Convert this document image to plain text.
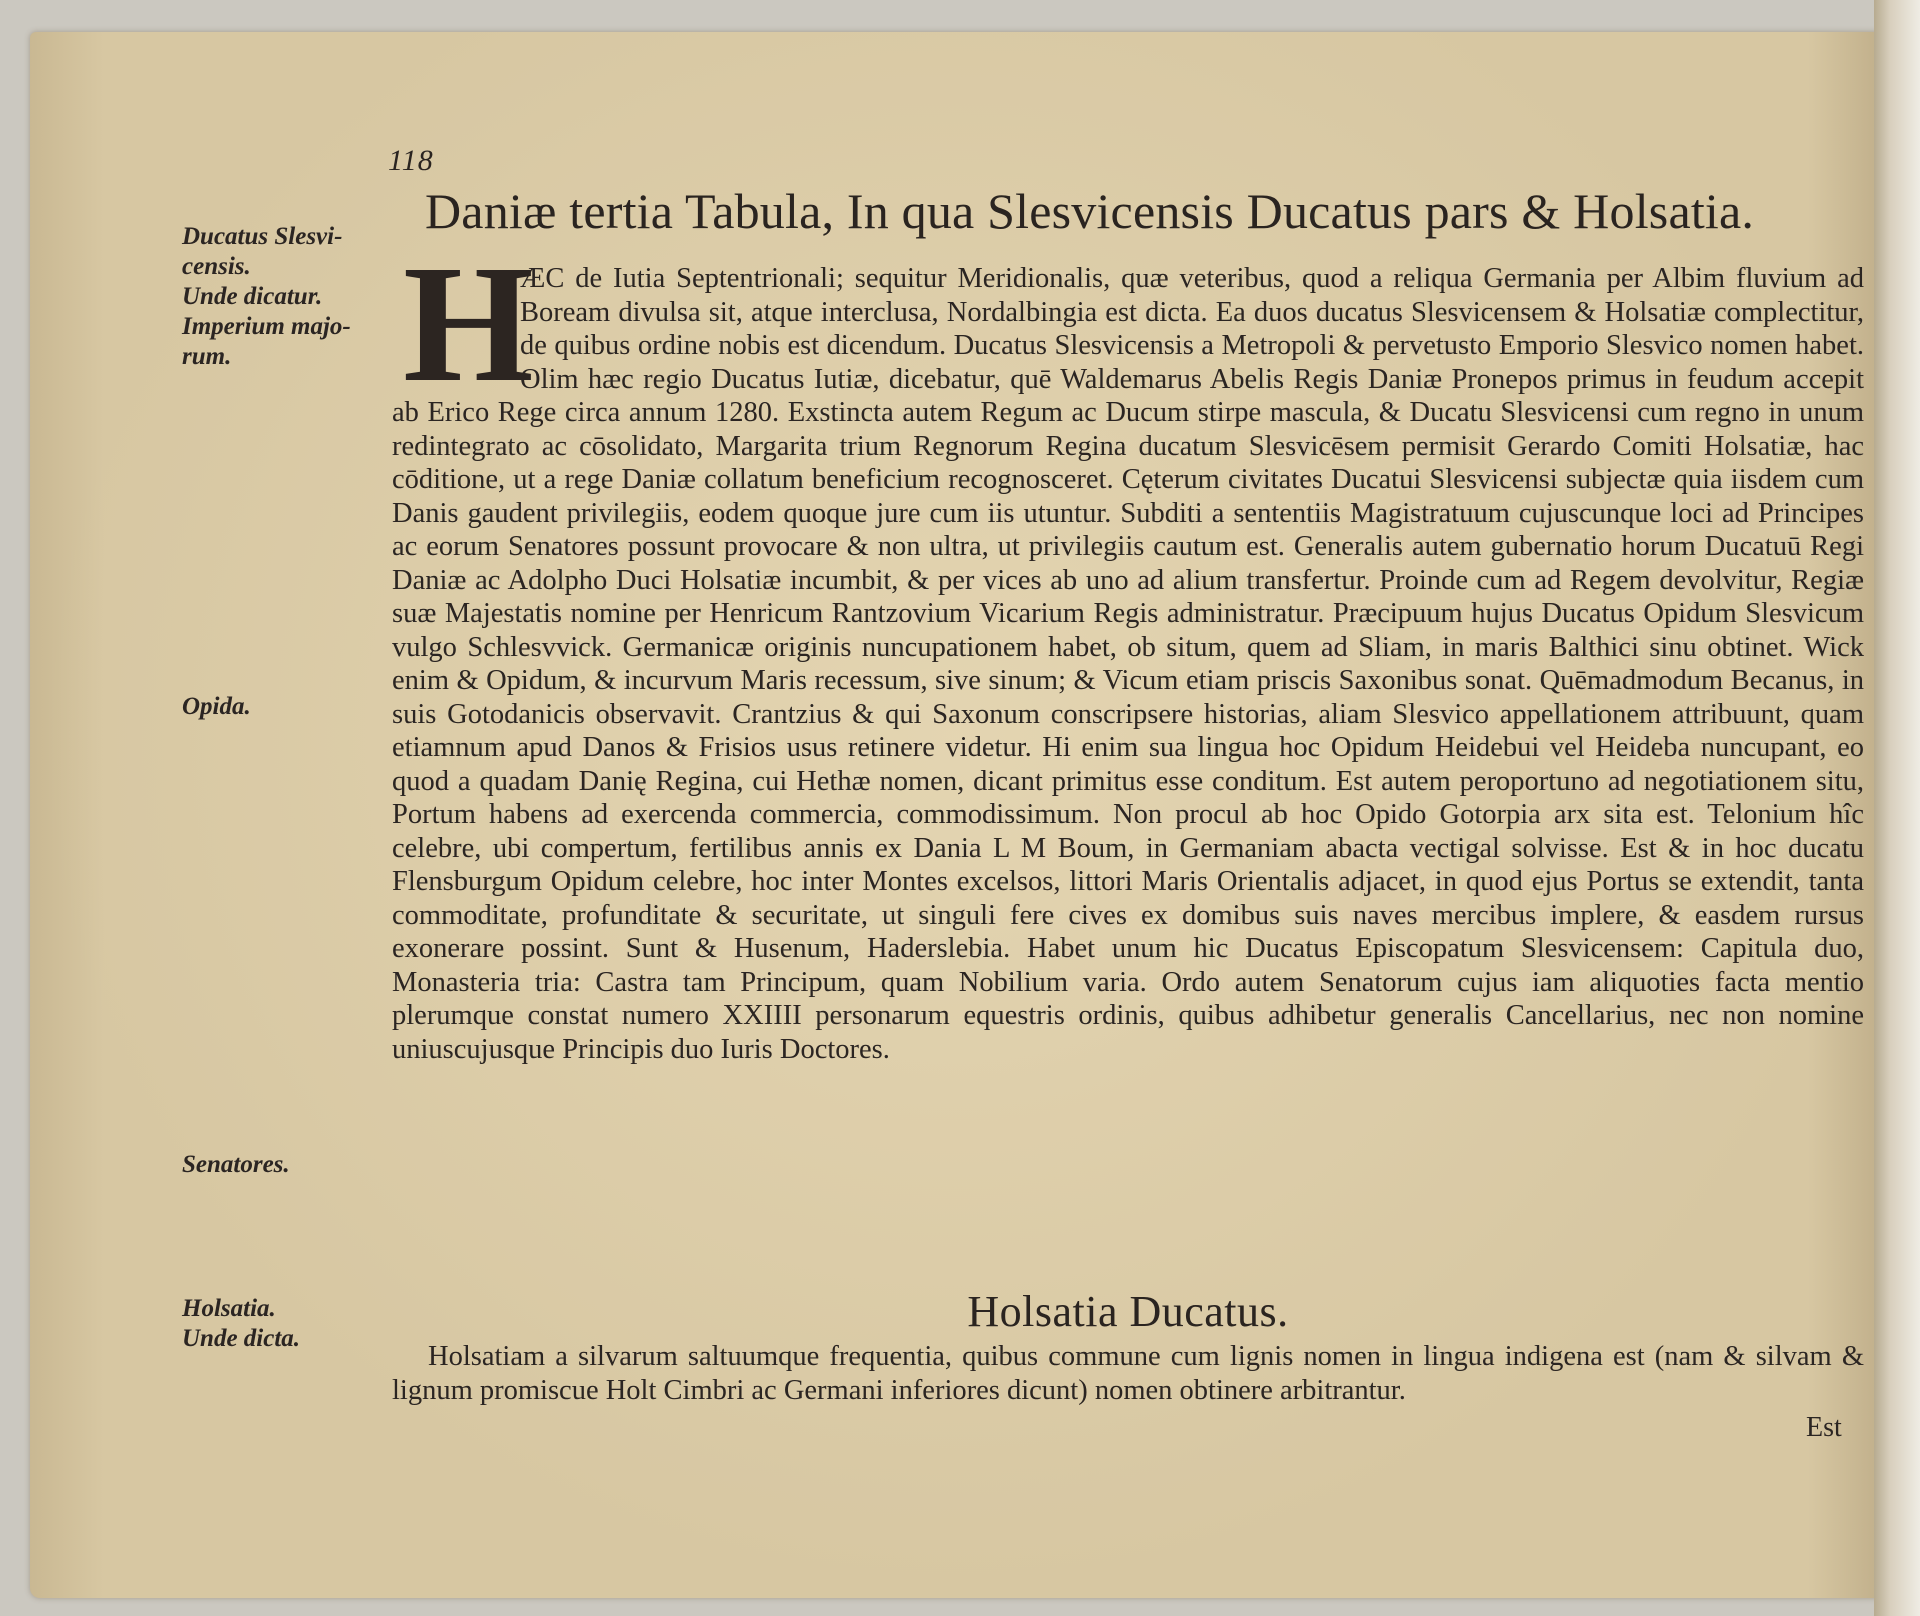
118
Daniæ tertia Tabula, In qua Slesvicensis Ducatus pars & Holsatia.
Ducatus Slesvi-
censis.
Unde dicatur.
Imperium majo-
rum.
Opida.
Senatores.
Holsatia.
Unde dicta.

ÆC de Iutia Septentrionali; sequitur Meridionalis, quæ veteribus, quod a reliqua Germania per Albim fluvium ad Boream divulsa sit, atque interclusa, Nordalbingia est dicta. Ea duos ducatus Slesvicensem & Holsatiæ complectitur, de quibus ordine nobis est dicendum. Ducatus Slesvicensis a Metropoli & pervetusto Emporio Slesvico nomen habet. Olim hæc regio Ducatus Iutiæ, dicebatur, quē Waldemarus Abelis Regis Daniæ Pronepos primus in feudum accepit ab Erico Rege circa annum 1280. Exstincta autem Regum ac Ducum stirpe mascula, & Ducatu Slesvicensi cum regno in unum redintegrato ac cōsolidato, Margarita trium Regnorum Regina ducatum Slesvicēsem permisit Gerardo Comiti Holsatiæ, hac cōditione, ut a rege Daniæ collatum beneficium recognosceret. Cęterum civitates Ducatui Slesvicensi subjectæ quia iisdem cum Danis gaudent privilegiis, eodem quoque jure cum iis utuntur. Subditi a sententiis Magistratuum cujuscunque loci ad Principes ac eorum Senatores possunt provocare & non ultra, ut privilegiis cautum est. Generalis autem gubernatio horum Ducatuū Regi Daniæ ac Adolpho Duci Holsatiæ incumbit, & per vices ab uno ad alium transfertur. Proinde cum ad Regem devolvitur, Regiæ suæ Majestatis nomine per Henricum Rantzovium Vicarium Regis administratur. Præcipuum hujus Ducatus Opidum Slesvicum vulgo Schlesvvick. Germanicæ originis nuncupationem habet, ob situm, quem ad Sliam, in maris Balthici sinu obtinet. Wick enim & Opidum, & incurvum Maris recessum, sive sinum; & Vicum etiam priscis Saxonibus sonat. Quēmadmodum Becanus, in suis Gotodanicis observavit. Crantzius & qui Saxonum conscripsere historias, aliam Slesvico appellationem attribuunt, quam etiamnum apud Danos & Frisios usus retinere videtur. Hi enim sua lingua hoc Opidum Heidebui vel Heideba nuncupant, eo quod a quadam Danię Regina, cui Hethæ nomen, dicant primitus esse conditum. Est autem peroportuno ad negotiationem situ, Portum habens ad exercenda commercia, commodissimum. Non procul ab hoc Opido Gotorpia arx sita est. Telonium hîc celebre, ubi compertum, fertilibus annis ex Dania L M Boum, in Germaniam abacta vectigal solvisse. Est & in hoc ducatu Flensburgum Opidum celebre, hoc inter Montes excelsos, littori Maris Orientalis adjacet, in quod ejus Portus se extendit, tanta commoditate, profunditate & securitate, ut singuli fere cives ex domibus suis naves mercibus implere, & easdem rursus exonerare possint. Sunt & Husenum, Haderslebia. Habet unum hic Ducatus Episcopatum Slesvicensem: Capitula duo, Monasteria tria: Castra tam Principum, quam Nobilium varia. Ordo autem Senatorum cujus iam aliquoties facta mentio plerumque constat numero XXIIII personarum equestris ordinis, quibus adhibetur generalis Cancellarius, nec non nomine uniuscujusque Principis duo Iuris Doctores.

H
Holsatia Ducatus.
Holsatiam a silvarum saltuumque frequentia, quibus commune cum lignis nomen in lingua indigena est (nam & silvam & lignum promiscue Holt Cimbri ac Germani inferiores dicunt) nomen obtinere arbitrantur.
Est
